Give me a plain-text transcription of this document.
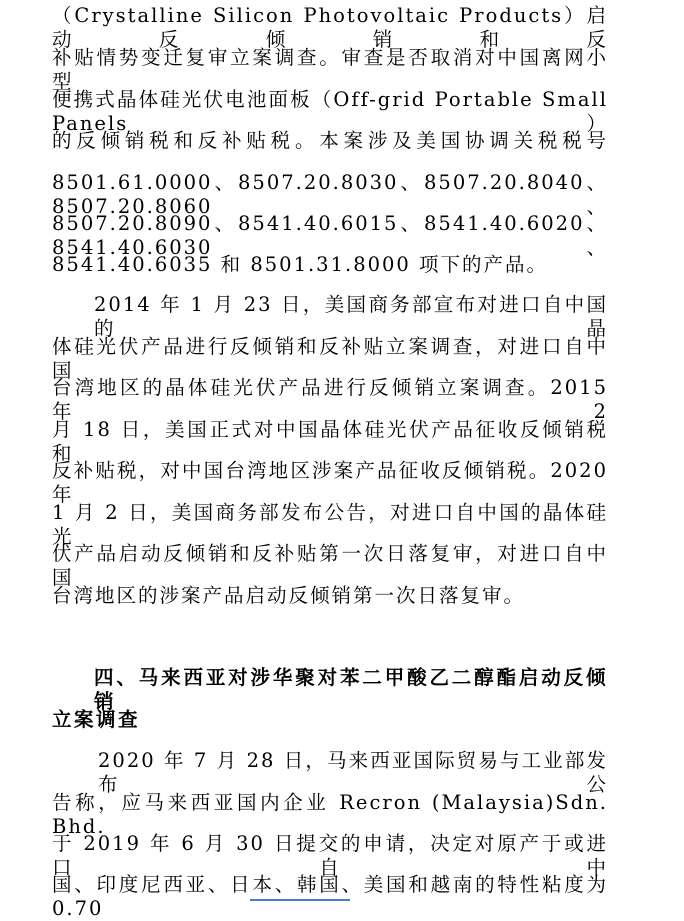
（Crystalline Silicon Photovoltaic Products）启动反倾销和反
补贴情势变迁复审立案调查。审查是否取消对中国离网小型
便携式晶体硅光伏电池面板（Off-grid Portable Small Panels）
的反倾销税和反补贴税。本案涉及美国协调关税税号
8501.61.0000、8507.20.8030、8507.20.8040、8507.20.8060、
8507.20.8090、8541.40.6015、8541.40.6020、8541.40.6030、
8541.40.6035 和 8501.31.8000 项下的产品。
2014 年 1 月 23 日，美国商务部宣布对进口自中国的晶
体硅光伏产品进行反倾销和反补贴立案调查，对进口自中国
台湾地区的晶体硅光伏产品进行反倾销立案调查。2015 年 2
月 18 日，美国正式对中国晶体硅光伏产品征收反倾销税和
反补贴税，对中国台湾地区涉案产品征收反倾销税。2020 年
1 月 2 日，美国商务部发布公告，对进口自中国的晶体硅光
伏产品启动反倾销和反补贴第一次日落复审，对进口自中国
台湾地区的涉案产品启动反倾销第一次日落复审。
四、马来西亚对涉华聚对苯二甲酸乙二醇酯启动反倾销
立案调查
2020 年 7 月 28 日，马来西亚国际贸易与工业部发布公
告称，应马来西亚国内企业 Recron (Malaysia)Sdn. Bhd.
于 2019 年 6 月 30 日提交的申请，决定对原产于或进口自中
国、印度尼西亚、日本、韩国、美国和越南的特性粘度为 0.70
